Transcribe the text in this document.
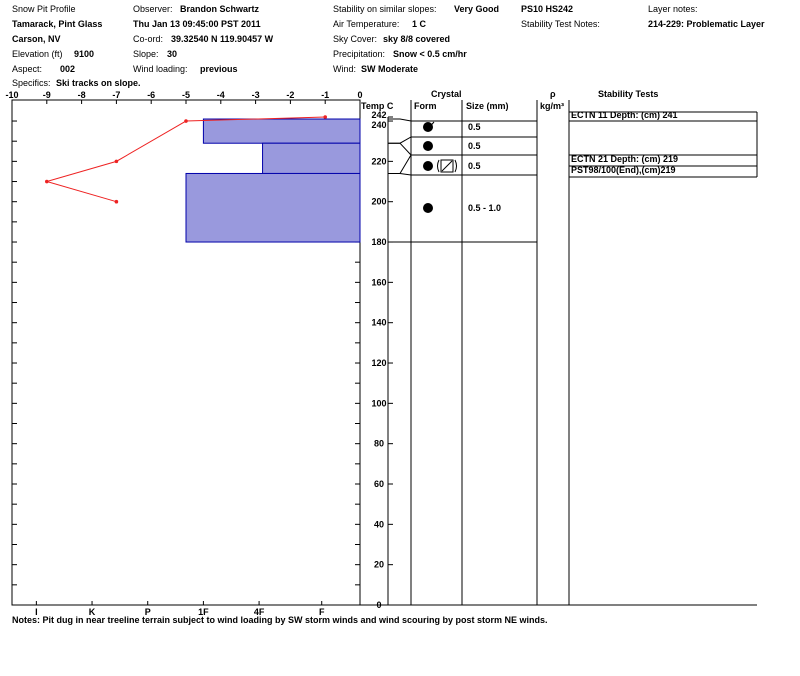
Snow Pit Profile
Tamarack, Pint Glass
Carson, NV
Elevation (ft) 9100
Aspect: 002
Specifics: Ski tracks on slope.
Observer: Brandon Schwartz
Thu Jan 13 09:45:00 PST 2011
Co-ord: 39.32540 N 119.90457 W
Slope: 30
Wind loading: previous
Stability on similar slopes: Very Good
Air Temperature: 1 C
Sky Cover: sky 8/8 covered
Precipitation: Snow < 0.5 cm/hr
Wind: SW Moderate
PS10 HS242
Stability Test Notes:
Layer notes:
214-229: Problematic Layer
Temp C
Crystal
Form	Size (mm)
ρ
kg/m³
Stability Tests
0.5
0.5
0.5
0.5 - 1.0
ECTN 11 Depth: (cm) 241
ECTN 21 Depth: (cm) 219
PST98/100(End),(cm)219
-10	-9	-8	-7	-6	-5	-4	-3	-2	-1	0
I	K	P	1F	4F	F
242
240
220
200
180
160
140
120
100
80
60
40
20
0
Notes: Pit dug in near treeline terrain subject to wind loading by SW storm winds and wind scouring by post storm NE winds.
